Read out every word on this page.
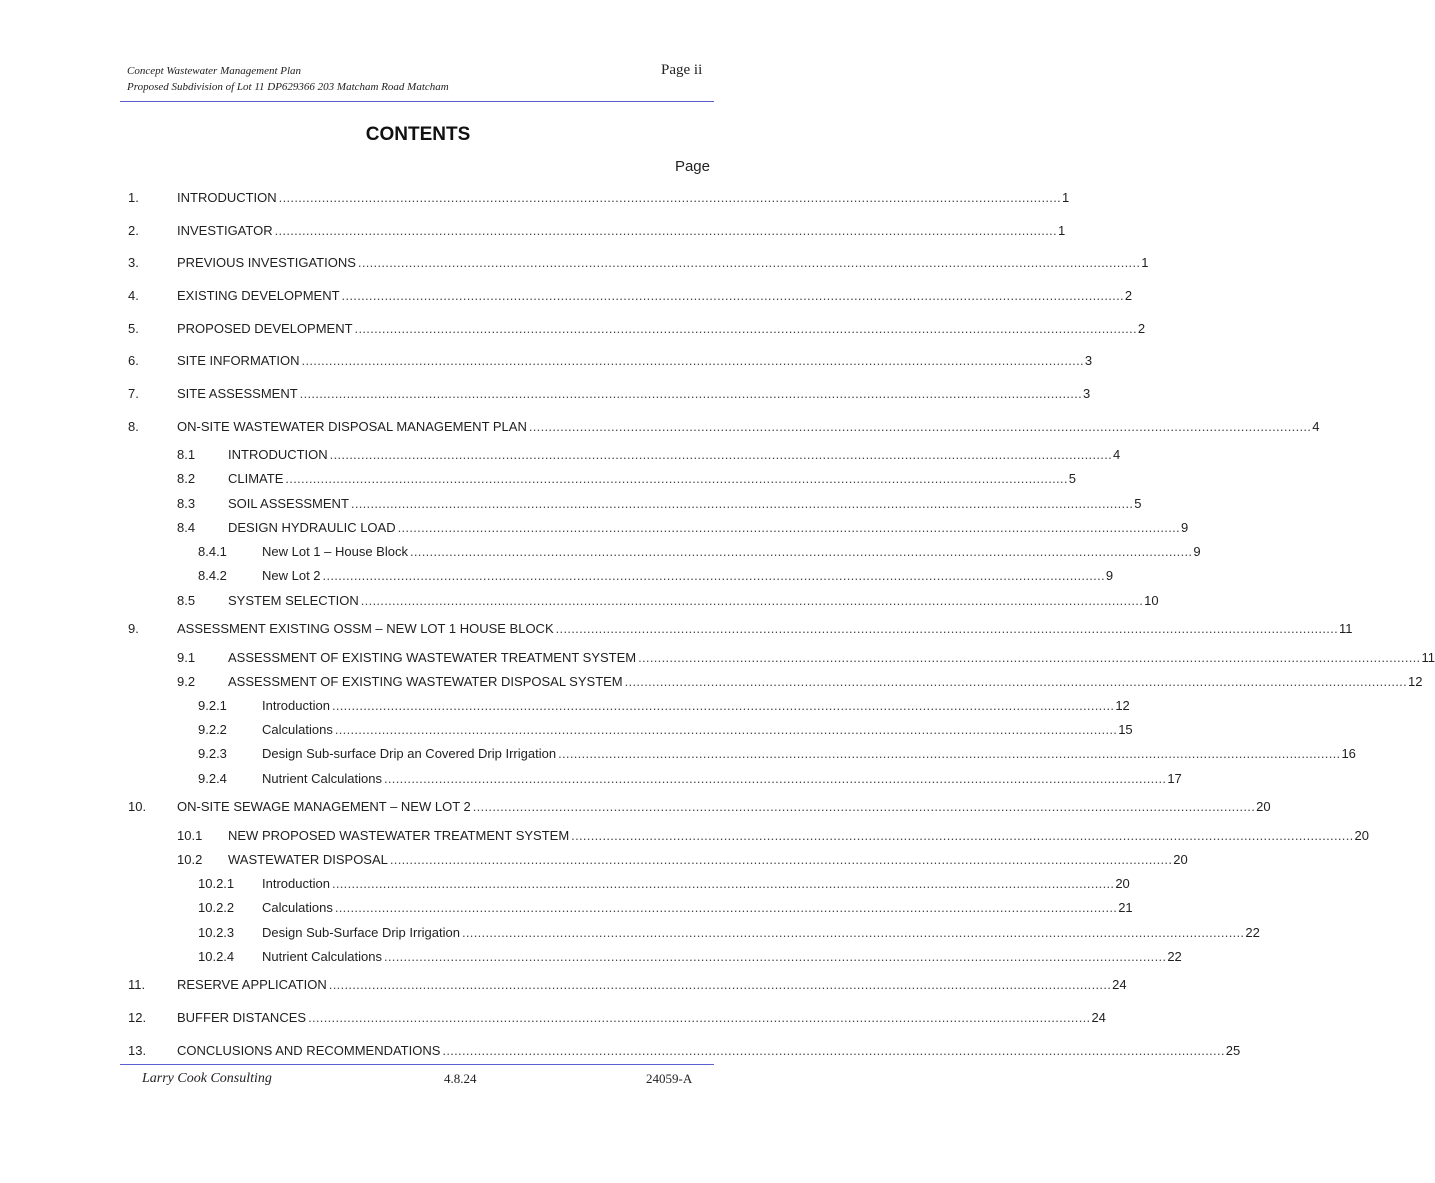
Concept Wastewater Management Plan
Proposed Subdivision of Lot 11 DP629366 203 Matcham Road Matcham
Page ii
CONTENTS
Page
1.	INTRODUCTION ........................................................................................................................................................................................................ 1
2.	INVESTIGATOR ........................................................................................................................................................................................................ 1
3.	PREVIOUS INVESTIGATIONS ........................................................................................................................................................................................................ 1
4.	EXISTING DEVELOPMENT ........................................................................................................................................................................................................ 2
5.	PROPOSED DEVELOPMENT ........................................................................................................................................................................................................ 2
6.	SITE INFORMATION ........................................................................................................................................................................................................ 3
7.	SITE ASSESSMENT ........................................................................................................................................................................................................ 3
8.	ON-SITE WASTEWATER DISPOSAL MANAGEMENT PLAN ........................................................................................................................................................................................................ 4
8.1	INTRODUCTION ........................................................................................................................................................................................................ 4
8.2	CLIMATE ........................................................................................................................................................................................................ 5
8.3	SOIL ASSESSMENT ........................................................................................................................................................................................................ 5
8.4	DESIGN HYDRAULIC LOAD ........................................................................................................................................................................................................ 9
8.4.1	New Lot 1 – House Block ........................................................................................................................................................................................................ 9
8.4.2	New Lot 2 ........................................................................................................................................................................................................ 9
8.5	SYSTEM SELECTION ........................................................................................................................................................................................................ 10
9.	ASSESSMENT EXISTING OSSM – NEW LOT 1 HOUSE BLOCK ........................................................................................................................................................................................................ 11
9.1	ASSESSMENT OF EXISTING WASTEWATER TREATMENT SYSTEM ........................................................................................................................................................................................................ 11
9.2	ASSESSMENT OF EXISTING WASTEWATER DISPOSAL SYSTEM ........................................................................................................................................................................................................ 12
9.2.1	Introduction ........................................................................................................................................................................................................ 12
9.2.2	Calculations ........................................................................................................................................................................................................ 15
9.2.3	Design Sub-surface Drip an Covered Drip Irrigation ........................................................................................................................................................................................................ 16
9.2.4	Nutrient Calculations ........................................................................................................................................................................................................ 17
10. ON-SITE SEWAGE MANAGEMENT – NEW LOT 2 ........................................................................................................................................................................................................ 20
10.1 NEW PROPOSED WASTEWATER TREATMENT SYSTEM ........................................................................................................................................................................................................ 20
10.2 WASTEWATER DISPOSAL ........................................................................................................................................................................................................ 20
10.2.1 Introduction ........................................................................................................................................................................................................ 20
10.2.2 Calculations ........................................................................................................................................................................................................ 21
10.2.3 Design Sub-Surface Drip Irrigation ........................................................................................................................................................................................................ 22
10.2.4 Nutrient Calculations ........................................................................................................................................................................................................ 22
11. RESERVE APPLICATION ........................................................................................................................................................................................................ 24
12. BUFFER DISTANCES ........................................................................................................................................................................................................ 24
13. CONCLUSIONS AND RECOMMENDATIONS ........................................................................................................................................................................................................ 25
Larry Cook Consulting	4.8.24	24059-A
